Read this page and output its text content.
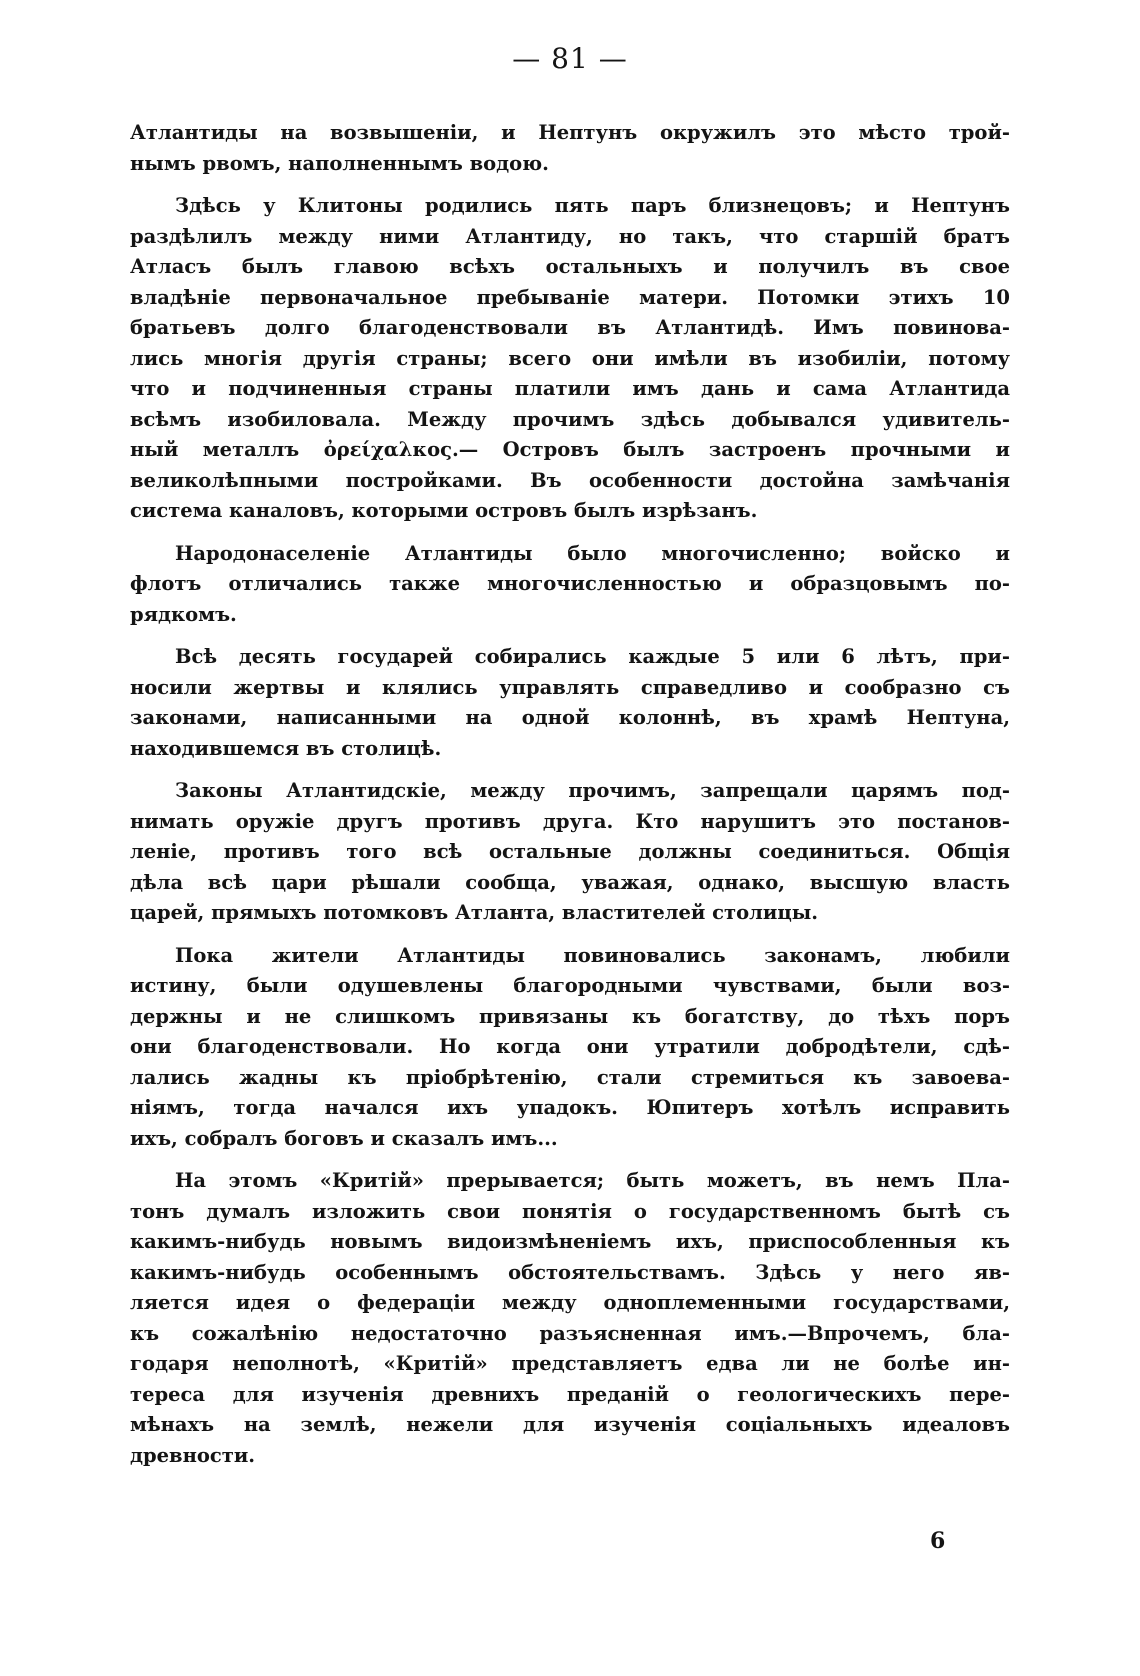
— 81 —

Атлантиды на возвышеніи, и Нептунъ окружилъ это мѣсто трой-
нымъ рвомъ, наполненнымъ водою.

Здѣсь у Клитоны родились пять паръ близнецовъ; и Нептунъ
раздѣлилъ между ними Атлантиду, но такъ, что старшій братъ
Атласъ былъ главою всѣхъ остальныхъ и получилъ въ свое
владѣніе первоначальное пребываніе матери. Потомки этихъ 10
братьевъ долго благоденствовали въ Атлантидѣ. Имъ повинова-
лись многія другія страны; всего они имѣли въ изобиліи, потому
что и подчиненныя страны платили имъ дань и сама Атлантида
всѣмъ изобиловала. Между прочимъ здѣсь добывался удивитель-
ный металлъ ὀρείχαλκος.— Островъ былъ застроенъ прочными и
великолѣпными постройками. Въ особенности достойна замѣчанія
система каналовъ, которыми островъ былъ изрѣзанъ.

Народонаселеніе Атлантиды было многочисленно; войско и
флотъ отличались также многочисленностью и образцовымъ по-
рядкомъ.

Всѣ десять государей собирались каждые 5 или 6 лѣтъ, при-
носили жертвы и клялись управлять справедливо и сообразно съ
законами, написанными на одной колоннѣ, въ храмѣ Нептуна,
находившемся въ столицѣ.

Законы Атлантидскіе, между прочимъ, запрещали царямъ под-
нимать оружіе другъ противъ друга. Кто нарушитъ это постанов-
леніе, противъ того всѣ остальные должны соединиться. Общія
дѣла всѣ цари рѣшали сообща, уважая, однако, высшую власть
царей, прямыхъ потомковъ Атланта, властителей столицы.

Пока жители Атлантиды повиновались законамъ, любили
истину, были одушевлены благородными чувствами, были воз-
держны и не слишкомъ привязаны къ богатству, до тѣхъ поръ
они благоденствовали. Но когда они утратили добродѣтели, сдѣ-
лались жадны къ пріобрѣтенію, стали стремиться къ завоева-
ніямъ, тогда начался ихъ упадокъ. Юпитеръ хотѣлъ исправить
ихъ, собралъ боговъ и сказалъ имъ...

На этомъ «Критій» прерывается; быть можетъ, въ немъ Пла-
тонъ думалъ изложить свои понятія о государственномъ бытѣ съ
какимъ-нибудь новымъ видоизмѣненіемъ ихъ, приспособленныя къ
какимъ-нибудь особеннымъ обстоятельствамъ. Здѣсь у него яв-
ляется идея о федераціи между одноплеменными государствами,
къ сожалѣнію недостаточно разъясненная имъ.—Впрочемъ, бла-
годаря неполнотѣ, «Критій» представляетъ едва ли не болѣе ин-
тереса для изученія древнихъ преданій о геологическихъ пере-
мѣнахъ на землѣ, нежели для изученія соціальныхъ идеаловъ
древности.

6
